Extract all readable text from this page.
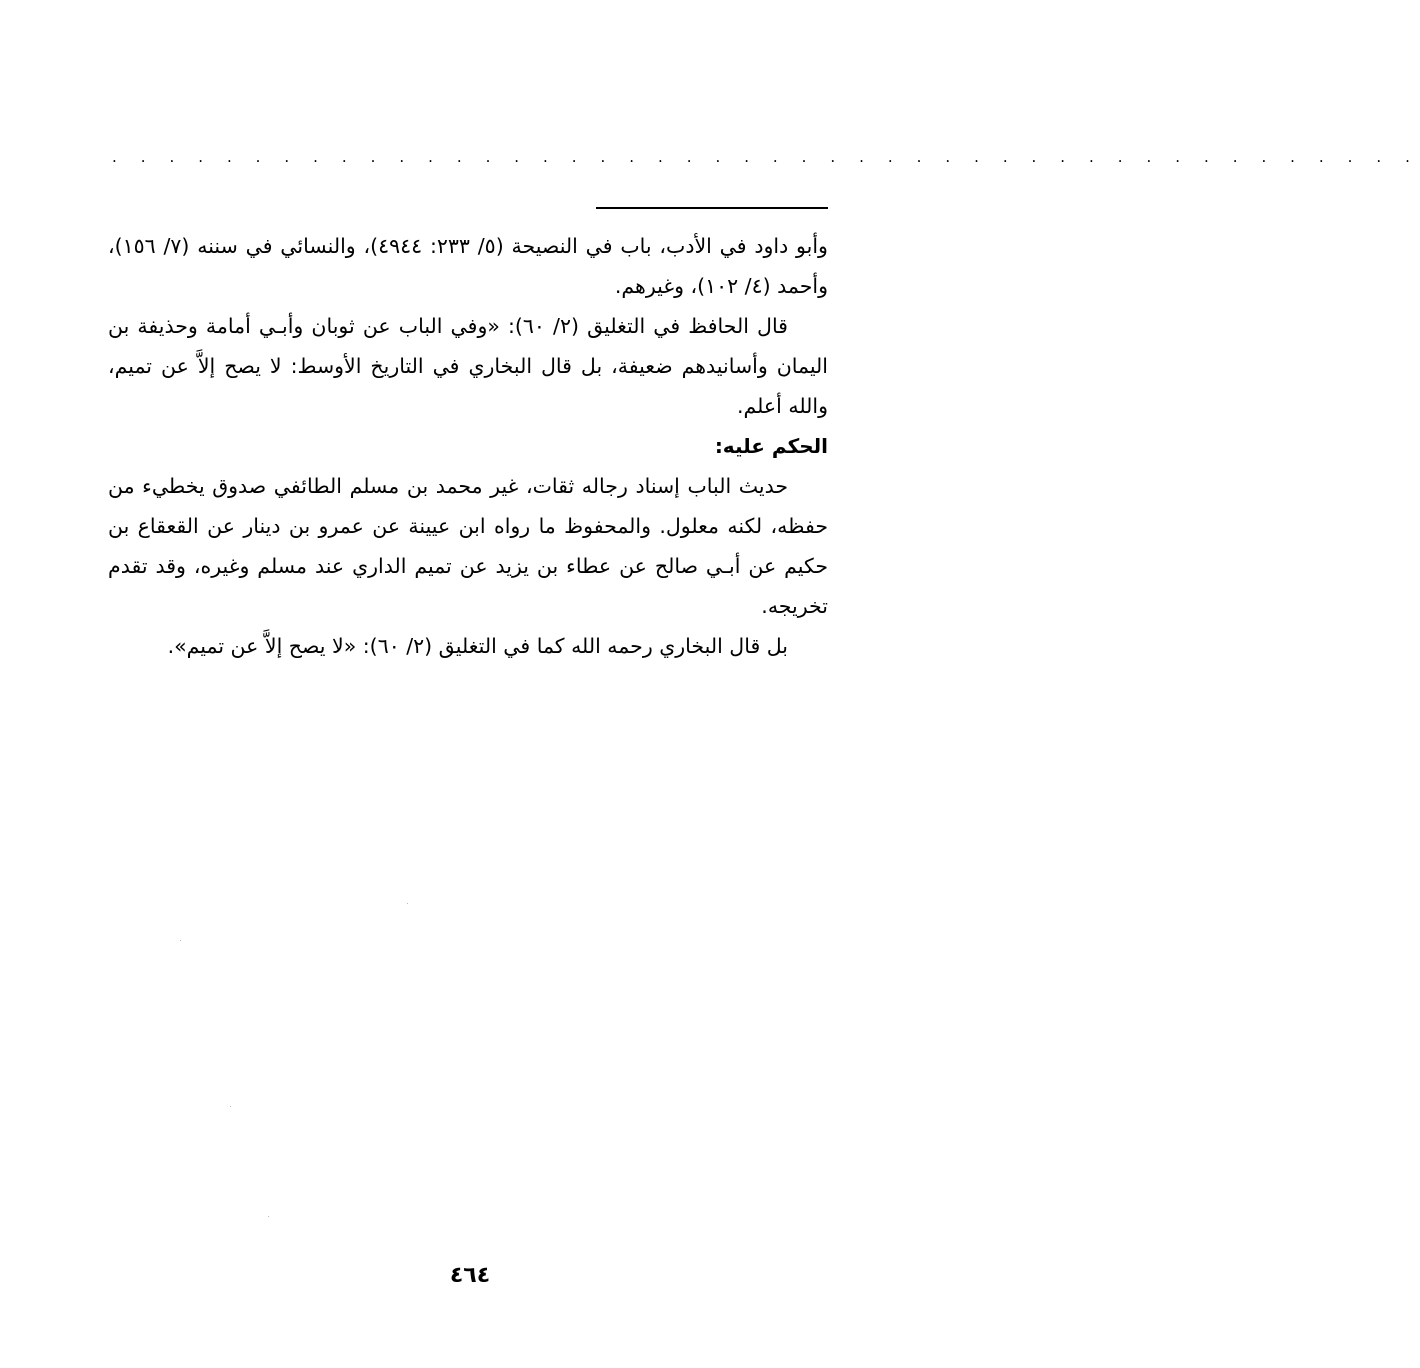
. . . . . . . . . . . . . . . . . . . . . . . . . . . . . . . . . . . . . . . . . . . . . .

وأبو داود في الأدب، باب في النصيحة (٥/ ٢٣٣: ٤٩٤٤)، والنسائي في سننه (٧/ ١٥٦)، وأحمد (٤/ ١٠٢)، وغيرهم.

قال الحافظ في التغليق (٢/ ٦٠): «وفي الباب عن ثوبان وأبـي أمامة وحذيفة بن اليمان وأسانيدهم ضعيفة، بل قال البخاري في التاريخ الأوسط: لا يصح إلاَّ عن تميم، والله أعلم.

الحكم عليه:

حديث الباب إسناد رجاله ثقات، غير محمد بن مسلم الطائفي صدوق يخطيء من حفظه، لكنه معلول. والمحفوظ ما رواه ابن عيينة عن عمرو بن دينار عن القعقاع بن حكيم عن أبـي صالح عن عطاء بن يزيد عن تميم الداري عند مسلم وغيره، وقد تقدم تخريجه.

بل قال البخاري رحمه الله كما في التغليق (٢/ ٦٠): «لا يصح إلاَّ عن تميم».

٤٦٤
